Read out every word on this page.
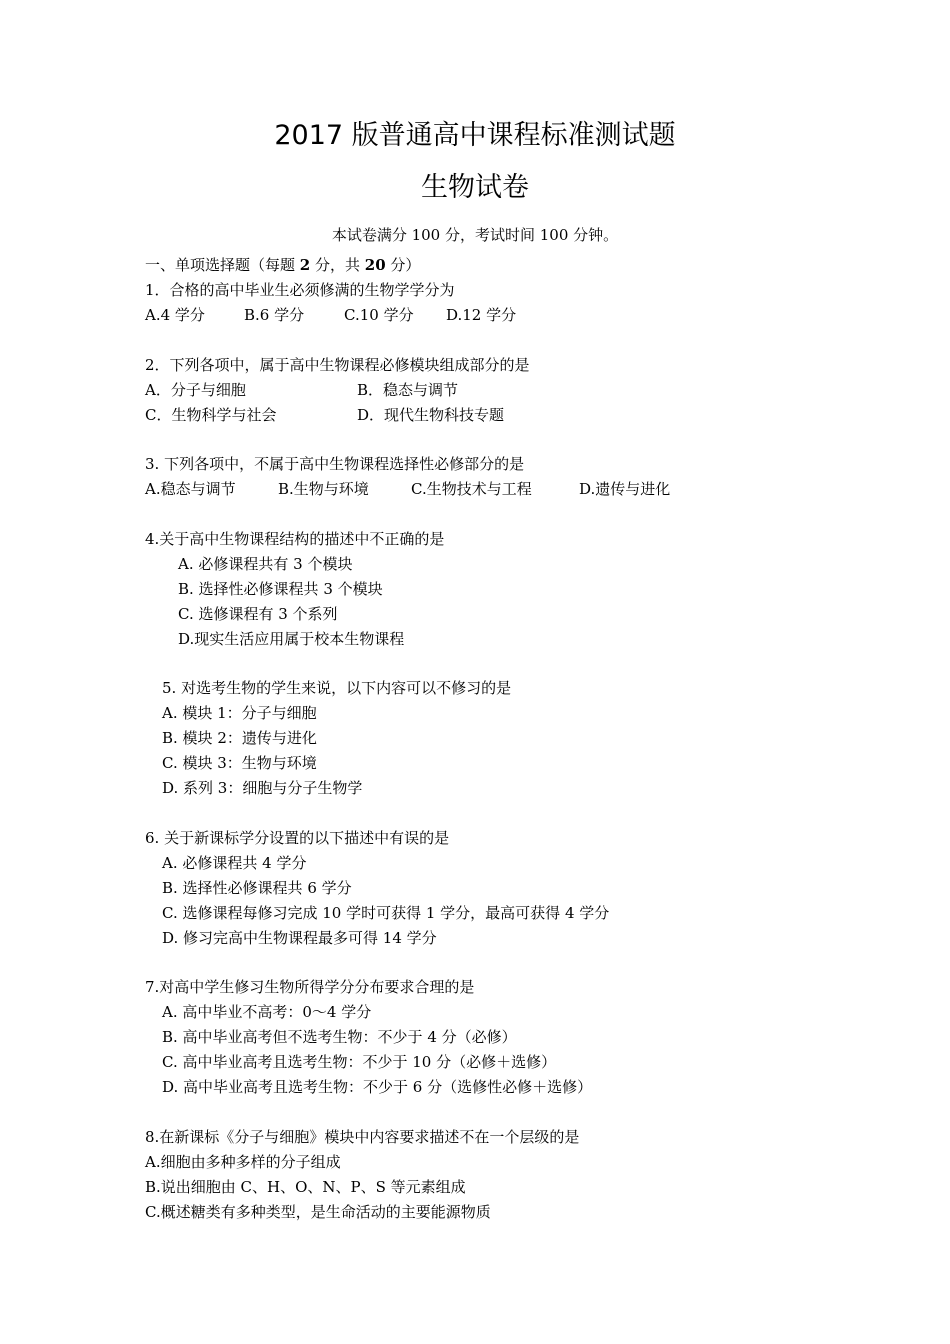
2017 版普通高中课程标准测试题
生物试卷
本试卷满分 100 分，考试时间 100 分钟。
一、单项选择题（每题 2 分，共 20 分）
1．合格的高中毕业生必须修满的生物学学分为
A.4 学分	B.6 学分	C.10 学分 D.12 学分
2．下列各项中，属于高中生物课程必修模块组成部分的是
A．分子与细胞	B．稳态与调节
C．生物科学与社会	D．现代生物科技专题
3. 下列各项中，不属于高中生物课程选择性必修部分的是
A.稳态与调节	B.生物与环境	C.生物技术与工程	D.遗传与进化
4.关于高中生物课程结构的描述中不正确的是
A. 必修课程共有 3 个模块
B. 选择性必修课程共 3 个模块
C. 选修课程有 3 个系列
D.现实生活应用属于校本生物课程
5. 对选考生物的学生来说，以下内容可以不修习的是
A. 模块 1：分子与细胞
B. 模块 2：遗传与进化
C. 模块 3：生物与环境
D. 系列 3：细胞与分子生物学
6. 关于新课标学分设置的以下描述中有误的是
A. 必修课程共 4 学分
B. 选择性必修课程共 6 学分
C. 选修课程每修习完成 10 学时可获得 1 学分，最高可获得 4 学分
D. 修习完高中生物课程最多可得 14 学分
7.对高中学生修习生物所得学分分布要求合理的是
A. 高中毕业不高考：0～4 学分
B. 高中毕业高考但不选考生物：不少于 4 分（必修）
C. 高中毕业高考且选考生物：不少于 10 分（必修＋选修）
D. 高中毕业高考且选考生物：不少于 6 分（选修性必修＋选修）
8.在新课标《分子与细胞》模块中内容要求描述不在一个层级的是
A.细胞由多种多样的分子组成
B.说出细胞由 C、H、O、N、P、S 等元素组成
C.概述糖类有多种类型，是生命活动的主要能源物质
